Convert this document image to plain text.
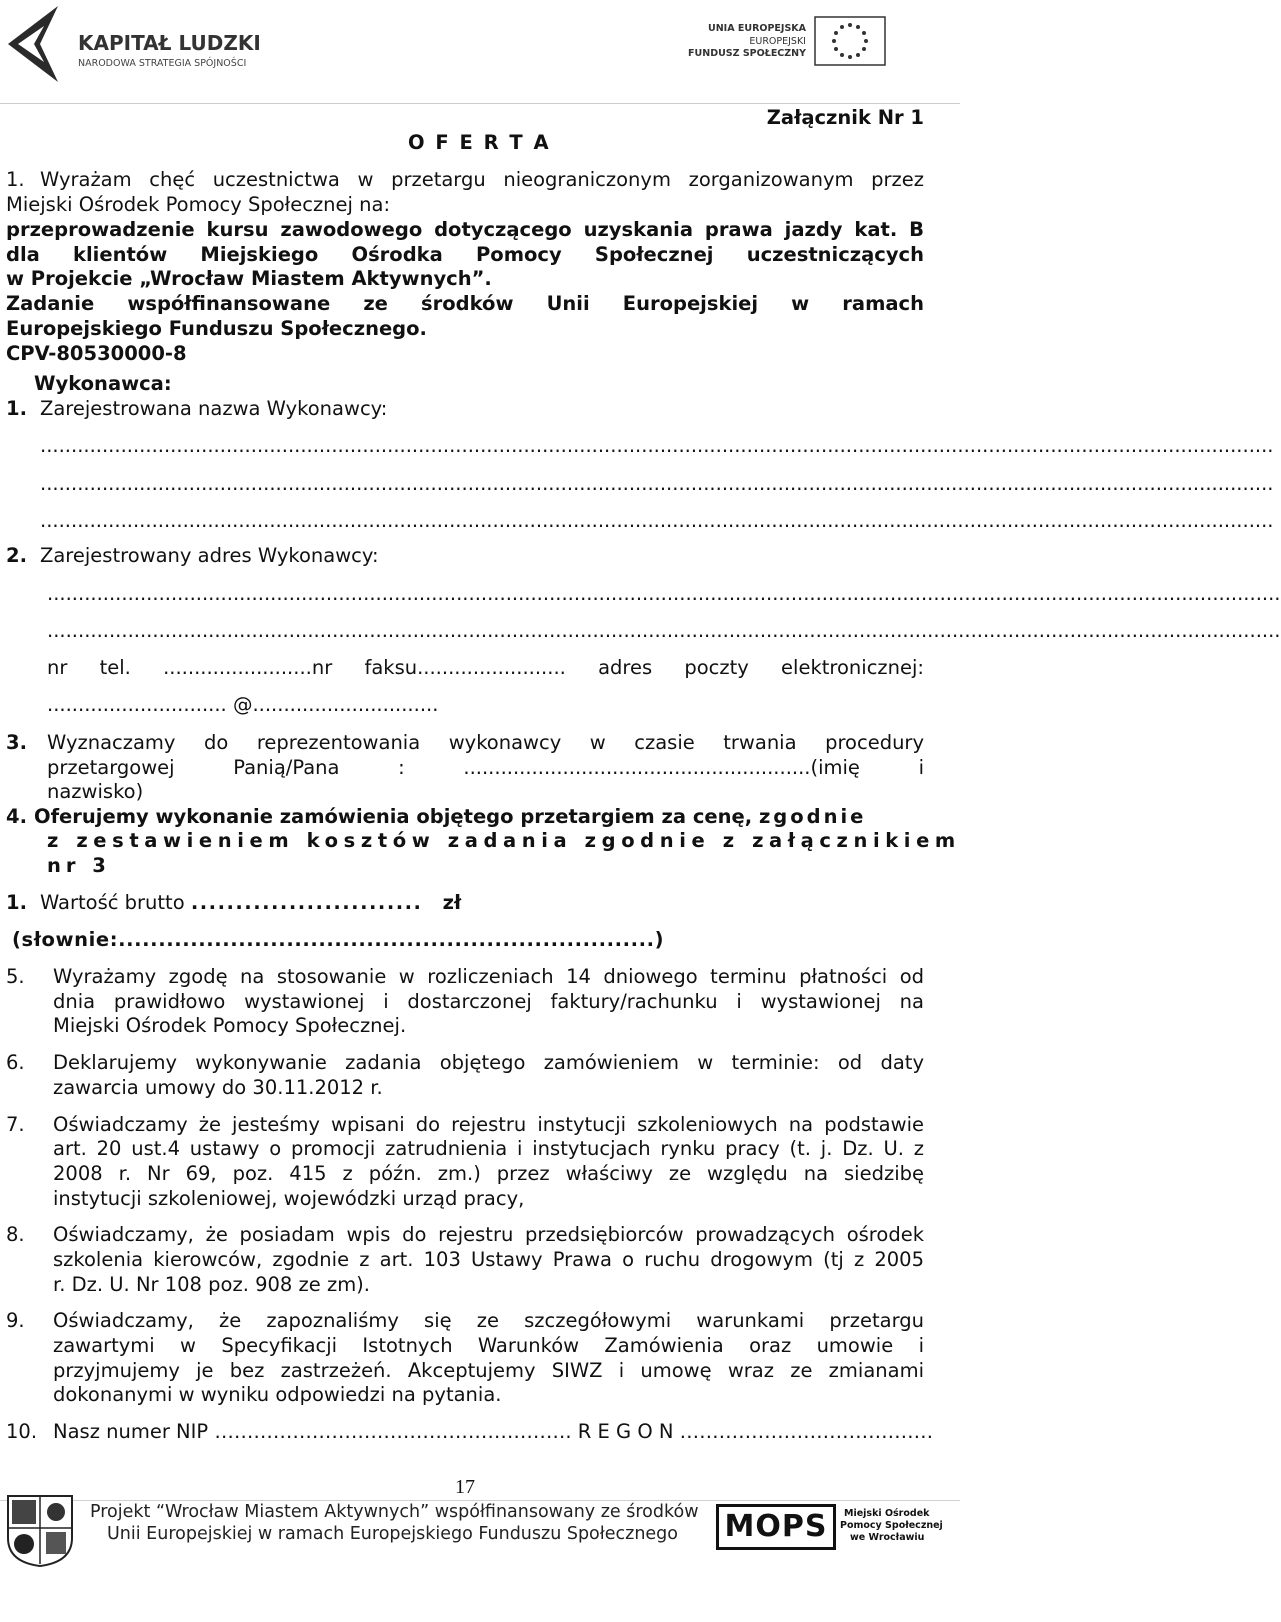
KAPITAŁ LUDZKI
NARODOWA STRATEGIA SPÓJNOŚCI
UNIA EUROPEJSKA
EUROPEJSKI
FUNDUSZ SPOŁECZNY
Załącznik Nr 1
O F E R T A
1. Wyrażam chęć uczestnictwa w przetargu nieograniczonym zorganizowanym przez
Miejski Ośrodek Pomocy Społecznej na:
przeprowadzenie kursu zawodowego dotyczącego uzyskania prawa jazdy kat. B
dla klientów Miejskiego Ośrodka Pomocy Społecznej uczestniczących
w Projekcie „Wrocław Miastem Aktywnych”.
Zadanie współfinansowane ze środków Unii Europejskiej w ramach
Europejskiego Funduszu Społecznego.
CPV-80530000-8
Wykonawca:
1. Zarejestrowana nazwa Wykonawcy:
.......................................................................................................................................................................................................
.......................................................................................................................................................................................................
.......................................................................................................................................................................................................
2. Zarejestrowany adres Wykonawcy:
.......................................................................................................................................................................................................
.......................................................................................................................................................................................................
nr tel. ........................nr faksu........................ adres poczty elektronicznej:
............................. @..............................
3. Wyznaczamy do reprezentowania wykonawcy w czasie trwania procedury
przetargowej Panią/Pana : ........................................................(imię i
nazwisko)
4. Oferujemy wykonanie zamówienia objętego przetargiem za cenę, zgodnie
z zestawieniem kosztów zadania zgodnie z załącznikiem
nr 3
1. Wartość brutto .......................... zł
(słownie:...................................................................)
5. Wyrażamy zgodę na stosowanie w rozliczeniach 14 dniowego terminu płatności od
dnia prawidłowo wystawionej i dostarczonej faktury/rachunku i wystawionej na
Miejski Ośrodek Pomocy Społecznej.
6. Deklarujemy wykonywanie zadania objętego zamówieniem w terminie: od daty
zawarcia umowy do 30.11.2012 r.
7. Oświadczamy że jesteśmy wpisani do rejestru instytucji szkoleniowych na podstawie
art. 20 ust.4 ustawy o promocji zatrudnienia i instytucjach rynku pracy (t. j. Dz. U. z
2008 r. Nr 69, poz. 415 z późn. zm.) przez właściwy ze względu na siedzibę
instytucji szkoleniowej, wojewódzki urząd pracy,
8. Oświadczamy, że posiadam wpis do rejestru przedsiębiorców prowadzących ośrodek
szkolenia kierowców, zgodnie z art. 103 Ustawy Prawa o ruchu drogowym (tj z 2005
r. Dz. U. Nr 108 poz. 908 ze zm).
9. Oświadczamy, że zapoznaliśmy się ze szczegółowymi warunkami przetargu
zawartymi w Specyfikacji Istotnych Warunków Zamówienia oraz umowie i
przyjmujemy je bez zastrzeżeń. Akceptujemy SIWZ i umowę wraz ze zmianami
dokonanymi w wyniku odpowiedzi na pytania.
10. Nasz numer NIP ………………………………………………. R E G O N …………………………………
17
Projekt “Wrocław Miastem Aktywnych” współfinansowany ze środków
Unii Europejskiej w ramach Europejskiego Funduszu Społecznego MOPS	Miejski Ośrodek
Pomocy Społecznej
we Wrocławiu
